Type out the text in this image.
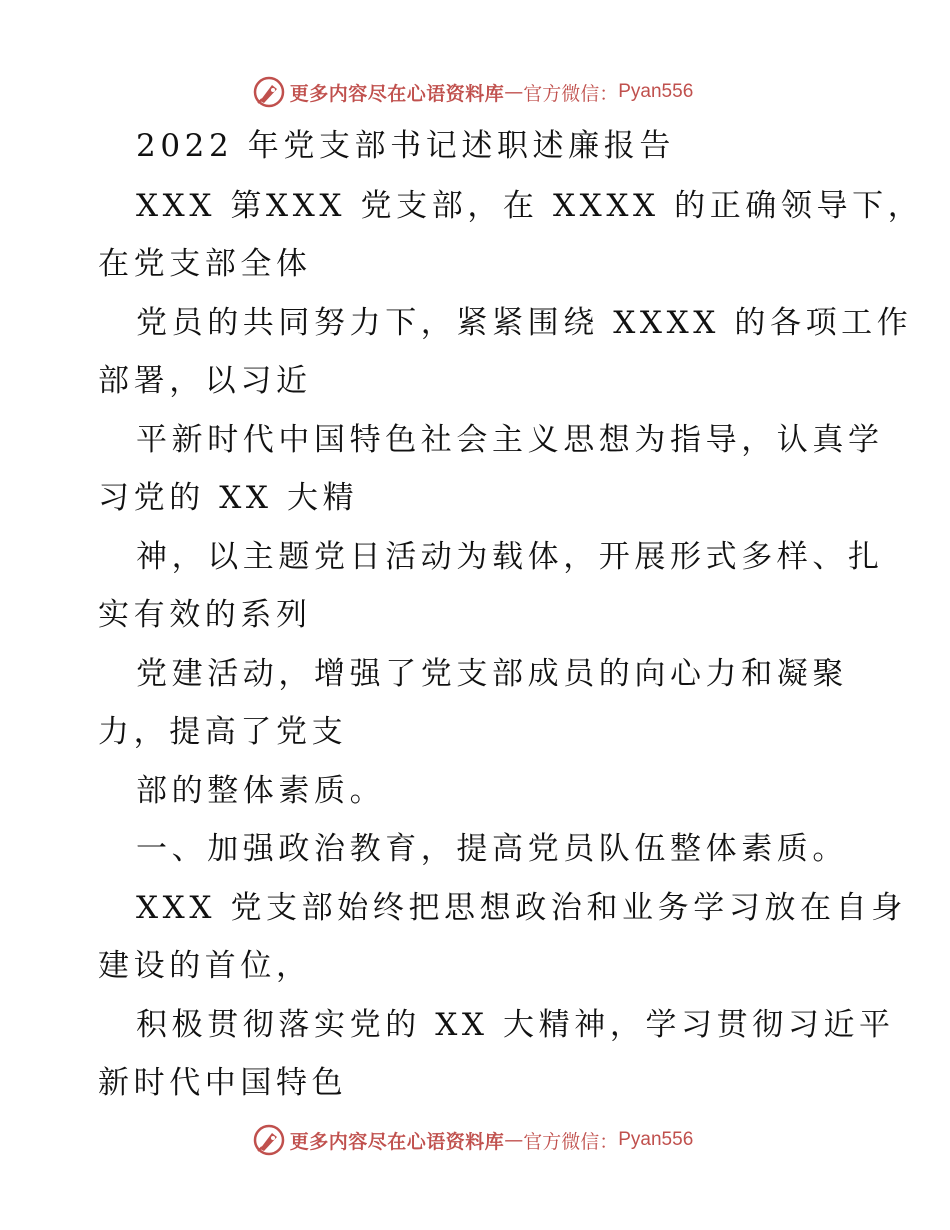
更多内容尽在心语资料库 — 官方微信： Pyan556
2022 年党支部书记述职述廉报告
XXX 第XXX 党支部，在 XXXX 的正确领导下，
在党支部全体
党员的共同努力下，紧紧围绕 XXXX 的各项工作
部署，以习近
平新时代中国特色社会主义思想为指导，认真学
习党的 XX 大精
神，以主题党日活动为载体，开展形式多样、扎
实有效的系列
党建活动，增强了党支部成员的向心力和凝聚
力，提高了党支
部的整体素质。
一、加强政治教育，提高党员队伍整体素质。
XXX 党支部始终把思想政治和业务学习放在自身
建设的首位，
积极贯彻落实党的 XX 大精神，学习贯彻习近平
新时代中国特色
更多内容尽在心语资料库 — 官方微信： Pyan556
